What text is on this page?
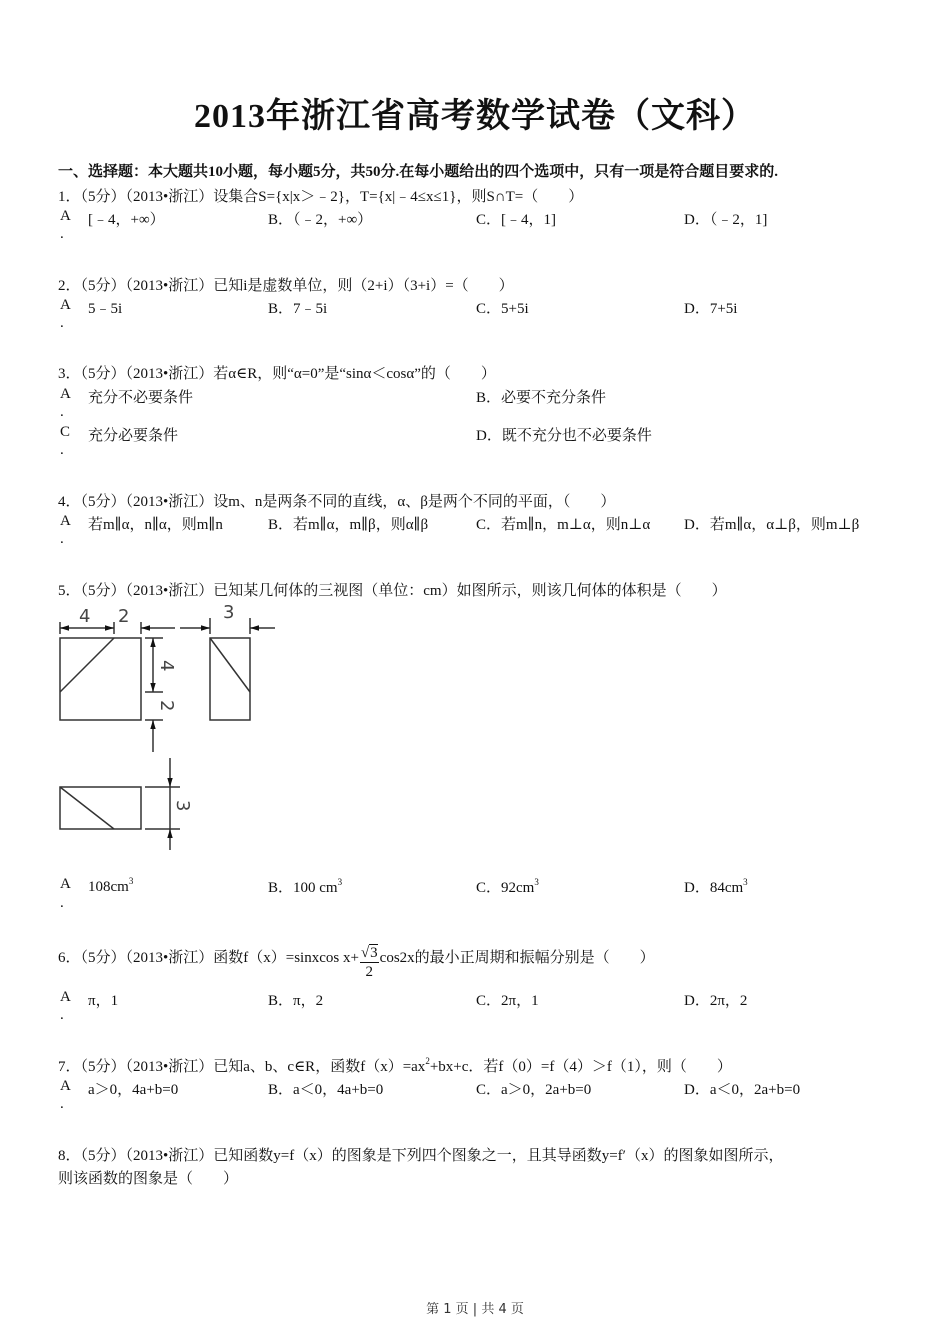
2013年浙江省高考数学试卷（文科）
一、选择题：本大题共10小题，每小题5分，共50分.在每小题给出的四个选项中，只有一项是符合题目要求的.
1．（5分）（2013•浙江）设集合S={x|x＞﹣2}，T={x|﹣4≤x≤1}，则S∩T=（　　）
A [﹣4，+∞）	B．（﹣2，+∞）	C．[﹣4，1]	D．（﹣2，1]
.
2．（5分）（2013•浙江）已知i是虚数单位，则（2+i）（3+i）=（　　）
A 5﹣5i	B．7﹣5i	C．5+5i	D．7+5i
.
3．（5分）（2013•浙江）若α∈R，则“α=0”是“sinα＜cosα”的（　　）
A 充分不必要条件	B．必要不充分条件
.
C 充分必要条件	D．既不充分也不必要条件
.
4．（5分）（2013•浙江）设m、n是两条不同的直线，α、β是两个不同的平面，（　　）
A 若m∥α，n∥α，则m∥n	B．若m∥α，m∥β，则α∥β	C．若m∥n，m⊥α，则n⊥α D．若m∥α，α⊥β，则m⊥β
.
5．（5分）（2013•浙江）已知某几何体的三视图（单位：cm）如图所示，则该几何体的体积是（　　）
4 2	3
4
2
3
A $108cm^3$	B．100 $cm^3$	C．$92cm^3$	D．$84cm^3$
.
6．（5分）（2013•浙江）函数f（x）=sinxcos $x+ \frac{√3}{2} \cos 2x$的最小正周期和振幅分别是（　　）
A π，1	B．π，2	C．2π，1	D．2π，2
.
7．（5分）（2013•浙江）已知a、b、c∈R，函数$f(x)=ax^2+bx+c$．若f（0）=f（4）＞f（1），则（　　）
A a＞0，4a+b=0	B．a＜0，4a+b=0	C．a＞0，2a+b=0	D．a＜0，2a+b=0
.
8．（5分）（2013•浙江）已知函数y=f（x）的图象是下列四个图象之一，且其导函数y=f′（x）的图象如图所示，
则该函数的图象是（　　）
第 1 页 | 共 4 页
